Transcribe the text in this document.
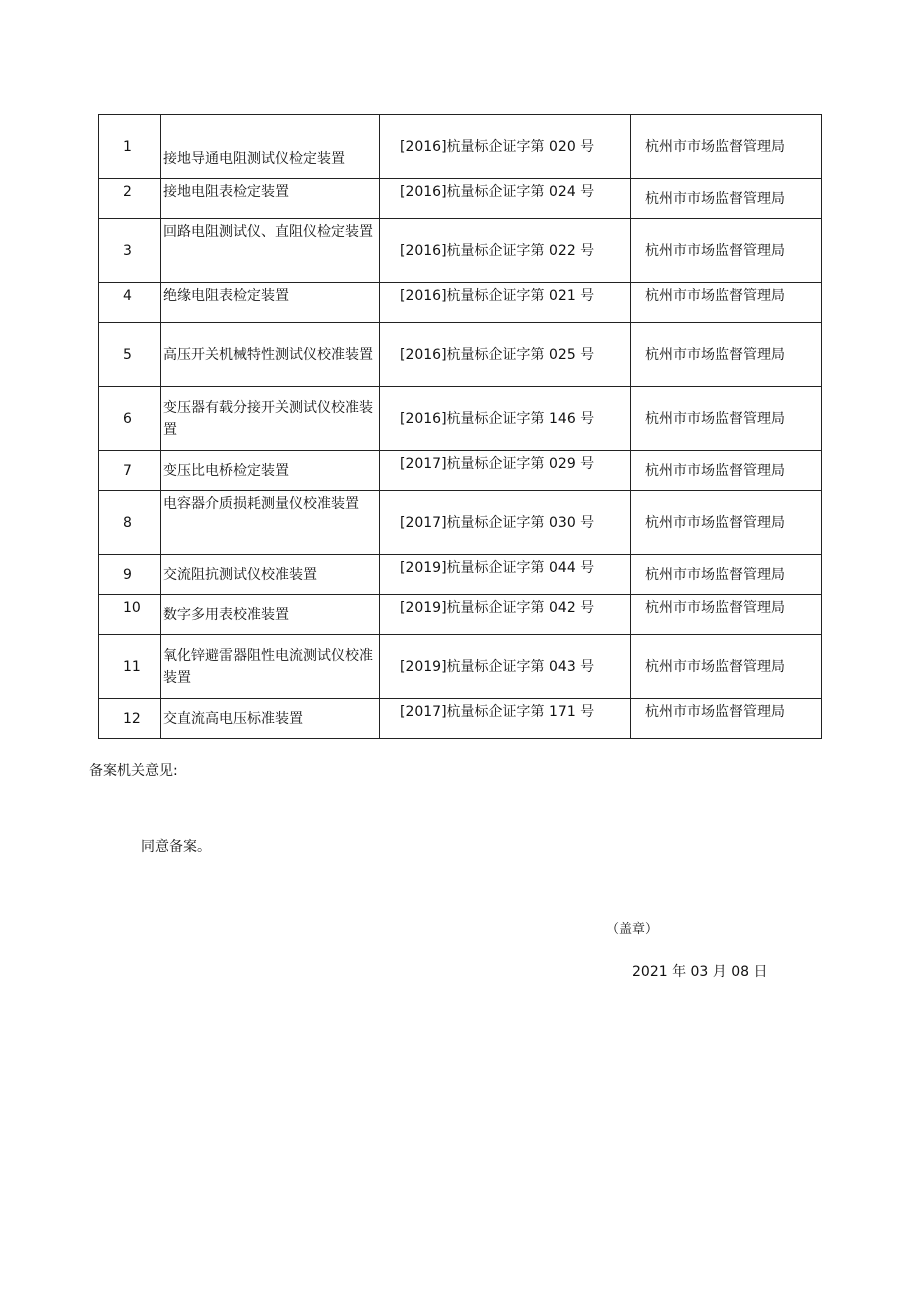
1	接地导通电阻测试仪检定装置	[2016]杭量标企证字第 020 号	杭州市市场监督管理局
2	接地电阻表检定装置	[2016]杭量标企证字第 024 号	杭州市市场监督管理局
3	回路电阻测试仪、直阻仪检定装置	[2016]杭量标企证字第 022 号	杭州市市场监督管理局
4	绝缘电阻表检定装置	[2016]杭量标企证字第 021 号	杭州市市场监督管理局
5	高压开关机械特性测试仪校准装置	[2016]杭量标企证字第 025 号	杭州市市场监督管理局
6	变压器有载分接开关测试仪校准装置	[2016]杭量标企证字第 146 号	杭州市市场监督管理局
7	变压比电桥检定装置	[2017]杭量标企证字第 029 号	杭州市市场监督管理局
8	电容器介质损耗测量仪校准装置	[2017]杭量标企证字第 030 号	杭州市市场监督管理局
9	交流阻抗测试仪校准装置	[2019]杭量标企证字第 044 号	杭州市市场监督管理局
10	数字多用表校准装置	[2019]杭量标企证字第 042 号	杭州市市场监督管理局
11	氧化锌避雷器阻性电流测试仪校准装置	[2019]杭量标企证字第 043 号	杭州市市场监督管理局
12	交直流高电压标准装置	[2017]杭量标企证字第 171 号	杭州市市场监督管理局
备案机关意见:
同意备案。
（盖章）
2021 年 03 月 08 日
